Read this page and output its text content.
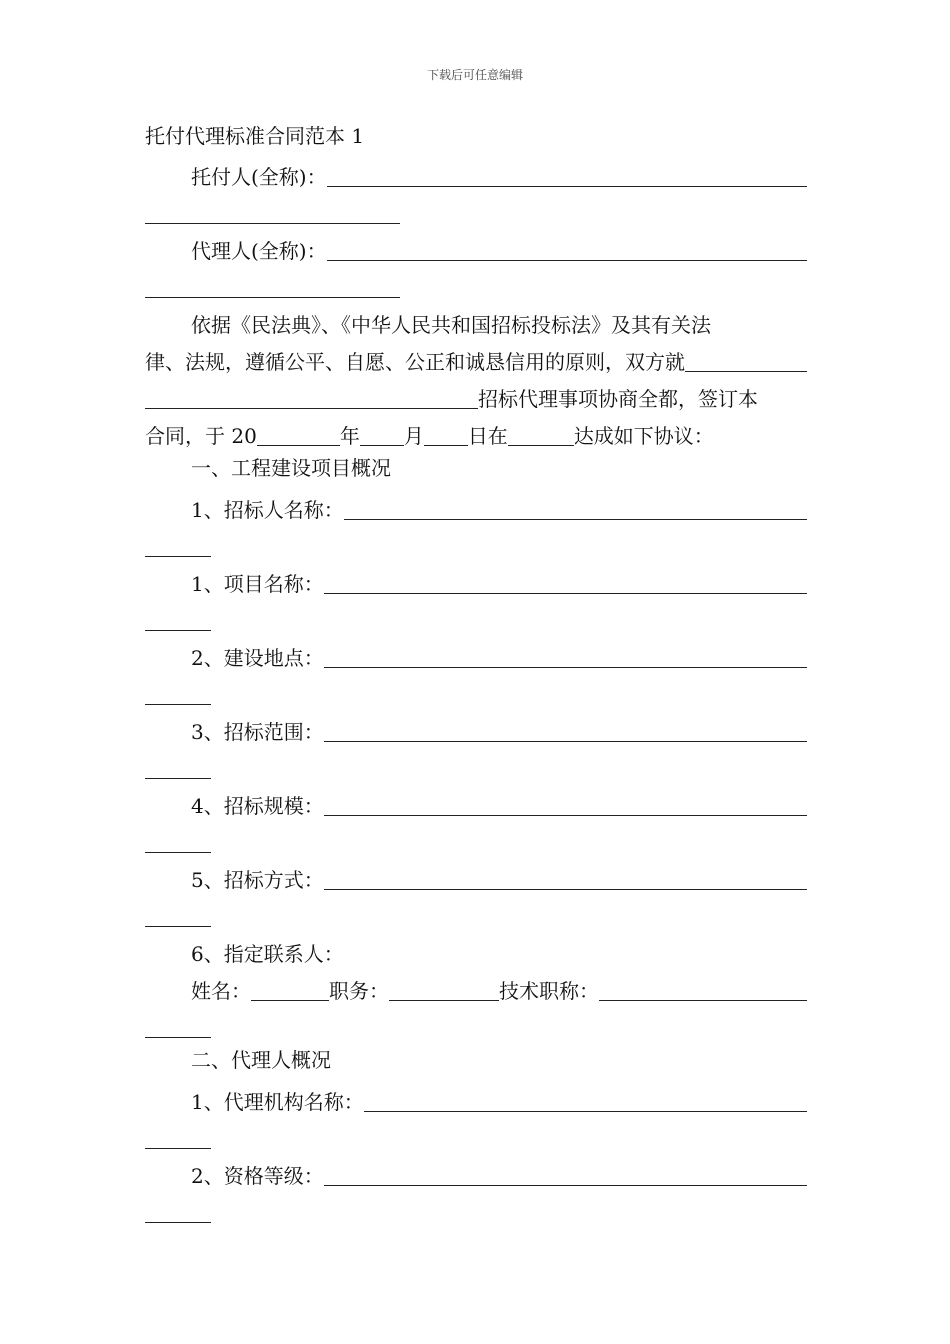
下载后可任意编辑
托付代理标准合同范本 1
托付人(全称)：
代理人(全称)：
依据《民法典》、《中华人民共和国招标投标法》及其有关法
律、法规，遵循公平、自愿、公正和诚恳信用的原则，双方就
招标代理事项协商全都，签订本
合同，于 20	年 月 日在	达成如下协议：
一、工程建设项目概况
1、招标人名称：
1、项目名称：
2、建设地点：
3、招标范围：
4、招标规模：
5、招标方式：
6、指定联系人：
姓名：	职务：	技术职称：
二、代理人概况
1、代理机构名称：
2、资格等级：
